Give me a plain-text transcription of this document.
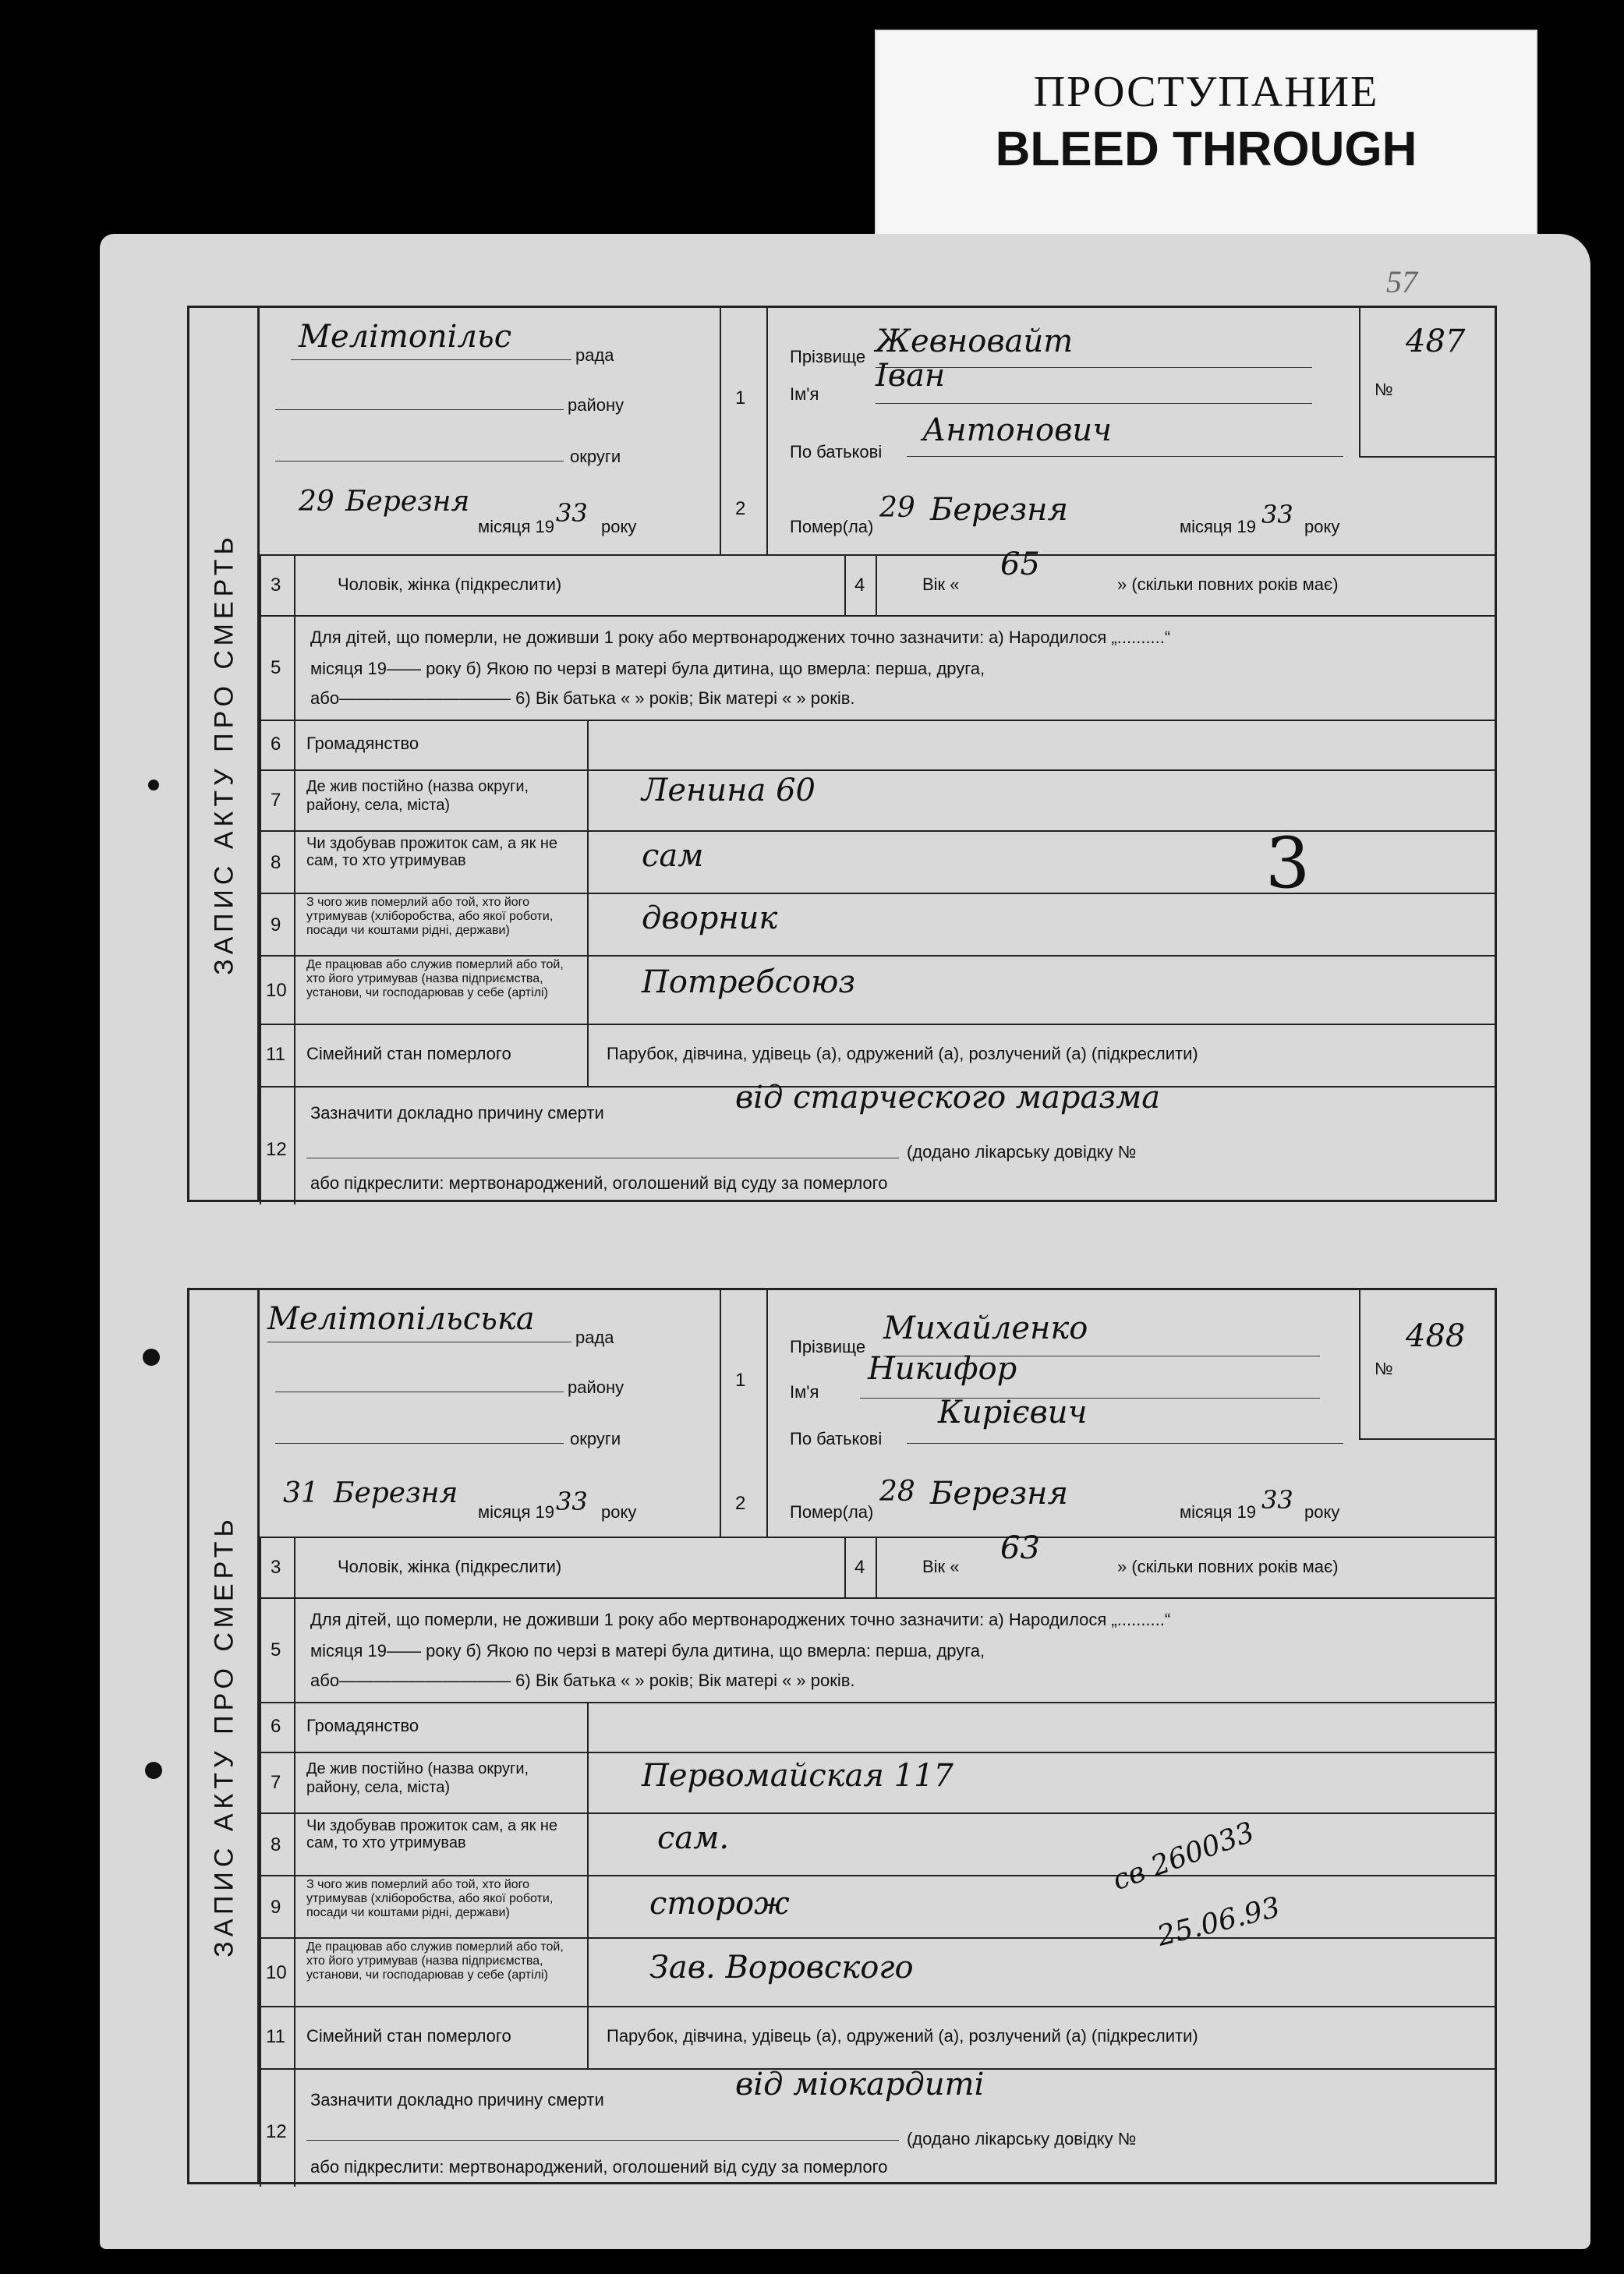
ПРОСТУПАНИЕ
BLEED THROUGH
57
ЗАПИС АКТУ ПРО СМЕРТЬ
Мелітопільс
рада
району
округи
29 Березня
місяця 19 33 року
1
2
Прізвище Жевновайт
Ім'я
Іван
По батькові
Антонович
№
487
Помер(ла)
29 Березня	місяця 19 33 року
3	Чоловік, жінка (підкреслити)	4	Вік «
65
» (скільки повних років має)
5
Для дітей, що померли, не доживши 1 року або мертвонароджених точно зазначити: а) Народилося „..........“
місяця 19—— року б) Якою по черзі в матері була дитина, що вмерла: перша, друга,
або—————————— 6) Вік батька « » років; Вік матері « » років.
6 Громадянство
7
Де жив постійно (назва округи, району, села, міста)	Ленина 60
8
Чи здобував прожиток сам, а як не сам, то хто утримував	сам	3
9
З чого жив померлий або той, хто його утримував (хліборобства, або якої роботи, посади чи коштами рідні, держави)	дворник
10
Де працював або служив померлий або той, хто його утримував (назва підприємства, установи, чи господарював у себе (артілі)	Потребсоюз
11 Сімейний стан померлого	Парубок, дівчина, удівець (а), одружений (а), розлучений (а) (підкреслити)
12
Зазначити докладно причину смерти	від старческого маразма
(додано лікарську довідку №
або підкреслити: мертвонароджений, оголошений від суду за померлого
ЗАПИС АКТУ ПРО СМЕРТЬ
Мелітопільська
рада
району
округи
31 Березня
місяця 19 33 року
1
2
Прізвище
Михайленко
Ім'я
Никифор
По батькові
Кирієвич
№
488
Помер(ла)
28 Березня
місяця 19 33 року
3	Чоловік, жінка (підкреслити)	4	Вік «
63
» (скільки повних років має)
5
Для дітей, що померли, не доживши 1 року або мертвонароджених точно зазначити: а) Народилося „..........“
місяця 19—— року б) Якою по черзі в матері була дитина, що вмерла: перша, друга,
або—————————— 6) Вік батька « » років; Вік матері « » років.
6 Громадянство
7
Де жив постійно (назва округи, району, села, міста)	Первомайская 117
8
Чи здобував прожиток сам, а як не сам, то хто утримував	сам.	св 260033
25.06.93
9
З чого жив померлий або той, хто його утримував (хліборобства, або якої роботи, посади чи коштами рідні, держави)	сторож
10
Де працював або служив померлий або той, хто його утримував (назва підприємства, установи, чи господарював у себе (артілі)	Зав. Воровского
11 Сімейний стан померлого	Парубок, дівчина, удівець (а), одружений (а), розлучений (а) (підкреслити)
12
Зазначити докладно причину смерти	від міокардиті
(додано лікарську довідку №
або підкреслити: мертвонароджений, оголошений від суду за померлого
